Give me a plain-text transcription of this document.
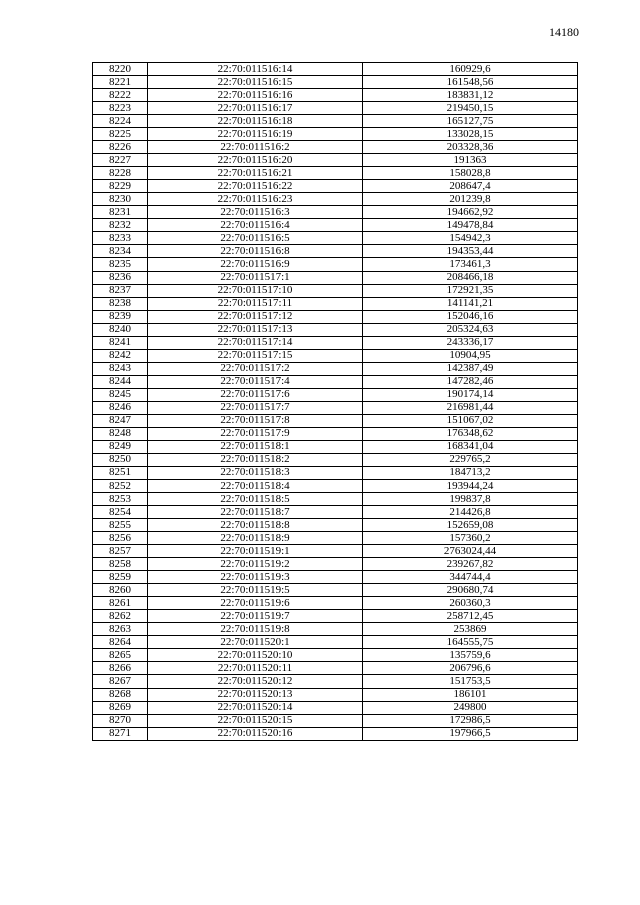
14180
8220	22:70:011516:14	160929,6
8221	22:70:011516:15	161548,56
8222	22:70:011516:16	183831,12
8223	22:70:011516:17	219450,15
8224	22:70:011516:18	165127,75
8225	22:70:011516:19	133028,15
8226	22:70:011516:2	203328,36
8227	22:70:011516:20	191363
8228	22:70:011516:21	158028,8
8229	22:70:011516:22	208647,4
8230	22:70:011516:23	201239,8
8231	22:70:011516:3	194662,92
8232	22:70:011516:4	149478,84
8233	22:70:011516:5	154942,3
8234	22:70:011516:8	194353,44
8235	22:70:011516:9	173461,3
8236	22:70:011517:1	208466,18
8237	22:70:011517:10	172921,35
8238	22:70:011517:11	141141,21
8239	22:70:011517:12	152046,16
8240	22:70:011517:13	205324,63
8241	22:70:011517:14	243336,17
8242	22:70:011517:15	10904,95
8243	22:70:011517:2	142387,49
8244	22:70:011517:4	147282,46
8245	22:70:011517:6	190174,14
8246	22:70:011517:7	216981,44
8247	22:70:011517:8	151067,02
8248	22:70:011517:9	176348,62
8249	22:70:011518:1	168341,04
8250	22:70:011518:2	229765,2
8251	22:70:011518:3	184713,2
8252	22:70:011518:4	193944,24
8253	22:70:011518:5	199837,8
8254	22:70:011518:7	214426,8
8255	22:70:011518:8	152659,08
8256	22:70:011518:9	157360,2
8257	22:70:011519:1	2763024,44
8258	22:70:011519:2	239267,82
8259	22:70:011519:3	344744,4
8260	22:70:011519:5	290680,74
8261	22:70:011519:6	260360,3
8262	22:70:011519:7	258712,45
8263	22:70:011519:8	253869
8264	22:70:011520:1	164555,75
8265	22:70:011520:10	135759,6
8266	22:70:011520:11	206796,6
8267	22:70:011520:12	151753,5
8268	22:70:011520:13	186101
8269	22:70:011520:14	249800
8270	22:70:011520:15	172986,5
8271	22:70:011520:16	197966,5
